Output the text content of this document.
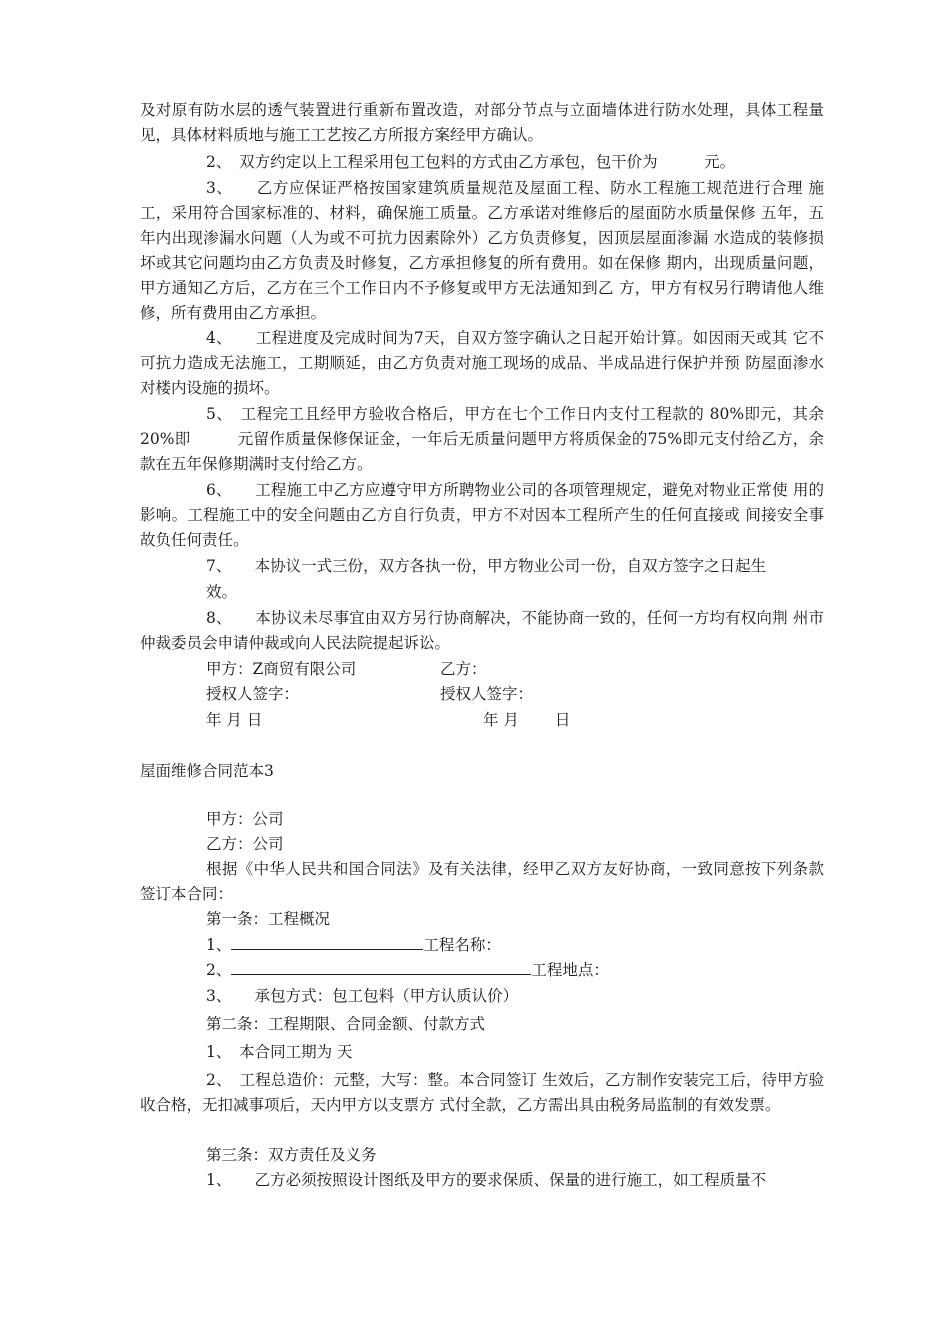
及对原有防水层的透气装置进行重新布置改造，对部分节点与立面墙体进行防水处理，具体工程量见，具体材料质地与施工工艺按乙方所报方案经甲方确认。

2、　双方约定以上工程采用包工包料的方式由乙方承包，包干价为　　　元。

3、　　乙方应保证严格按国家建筑质量规范及屋面工程、防水工程施工规范进行合理 施工，采用符合国家标准的、材料，确保施工质量。乙方承诺对维修后的屋面防水质量保修 五年，五年内出现渗漏水问题（人为或不可抗力因素除外）乙方负责修复，因顶层屋面渗漏 水造成的装修损坏或其它问题均由乙方负责及时修复，乙方承担修复的所有费用。如在保修 期内，出现质量问题，甲方通知乙方后，乙方在三个工作日内不予修复或甲方无法通知到乙 方，甲方有权另行聘请他人维修，所有费用由乙方承担。

4、　　工程进度及完成时间为7天，自双方签字确认之日起开始计算。如因雨天或其 它不可抗力造成无法施工，工期顺延，由乙方负责对施工现场的成品、半成品进行保护并预 防屋面渗水对楼内设施的损坏。

5、　工程完工且经甲方验收合格后，甲方在七个工作日内支付工程款的 80%即元，其余20%即　　　元留作质量保修保证金，一年后无质量问题甲方将质保金的75%即元支付给乙方，余款在五年保修期满时支付给乙方。

6、　　工程施工中乙方应遵守甲方所聘物业公司的各项管理规定，避免对物业正常使 用的影响。工程施工中的安全问题由乙方自行负责，甲方不对因本工程所产生的任何直接或 间接安全事故负任何责任。

7、　　本协议一式三份，双方各执一份，甲方物业公司一份，自双方签字之日起生

效。

8、　　本协议未尽事宜由双方另行协商解决，不能协商一致的，任何一方均有权向荆 州市仲裁委员会申请仲裁或向人民法院提起诉讼。

甲方：Z商贸有限公司	乙方：

授权人签字：	授权人签字：

年 月 日	年 月　　 日

屋面维修合同范本3

甲方：公司

乙方：公司

根据《中华人民共和国合同法》及有关法律，经甲乙双方友好协商，一致同意按下列条款签订本合同：

第一条：工程概况

1、	工程名称：

2、	工程地点：

3、　　承包方式：包工包料（甲方认质认价）

第二条：工程期限、合同金额、付款方式

1、　本合同工期为 天

2、　工程总造价：元整，大写：整。本合同签订 生效后，乙方制作安装完工后，待甲方验收合格，无扣减事项后，天内甲方以支票方 式付全款，乙方需出具由税务局监制的有效发票。

第三条：双方责任及义务

1、　　乙方必须按照设计图纸及甲方的要求保质、保量的进行施工，如工程质量不
